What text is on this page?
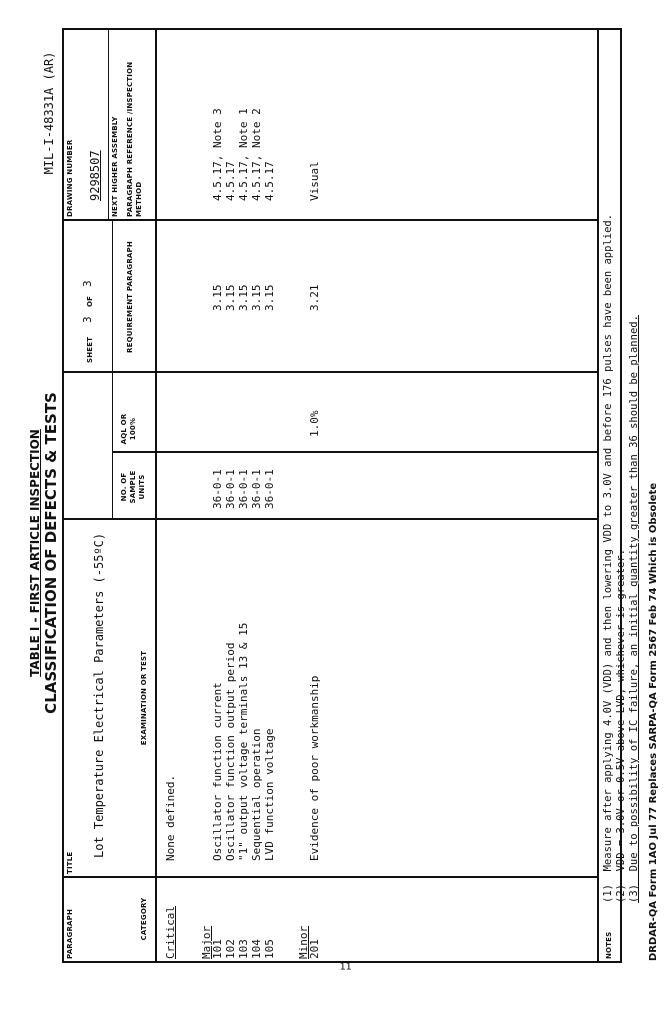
TABLE I - FIRST ARTICLE INSPECTION CLASSIFICATION OF DEFECTS & TESTS
MIL-I-48331A (AR)
PARAGRAPH
TITLE
Lot Temperature Electrical Parameters (-55ºC)
SHEET
3
OF
3
DRAWING NUMBER 9298507 NEXT HIGHER ASSEMBLY
CATEGORY
EXAMINATION OR TEST
NO. OF SAMPLE UNITS
AQL OR 100%
REQUIREMENT PARAGRAPH
PARAGRAPH REFERENCE /INSPECTION METHOD
Critical
None defined.
Major
101
Oscillator function current
36-0-1
3.15
4.5.17, Note 3
102
Oscillator function output period
36-0-1
3.15
4.5.17
103
"1" output voltage terminals 13 & 15
36-0-1
3.15
4.5.17, Note 1
104
Sequential operation
36-0-1
3.15
4.5.17, Note 2
105
LVD function voltage
36-0-1
3.15
4.5.17
Minor
201
Evidence of poor workmanship
1.0%
3.21
Visual
NOTES
(1)  Measure after applying 4.0V (VDD) and then lowering VDD to 3.0V and before 176 pulses have been applied. (2)  VDD = 3.0V or 0.5V above LVD, whichever is greater. (3)  Due to possibility of IC failure, an initial quantity greater than 36 should be planned. DRDAR-QA Form 1AO Jul 77 Replaces SARPA-QA Form 2567 Feb 74 Which is Obsolete
11
